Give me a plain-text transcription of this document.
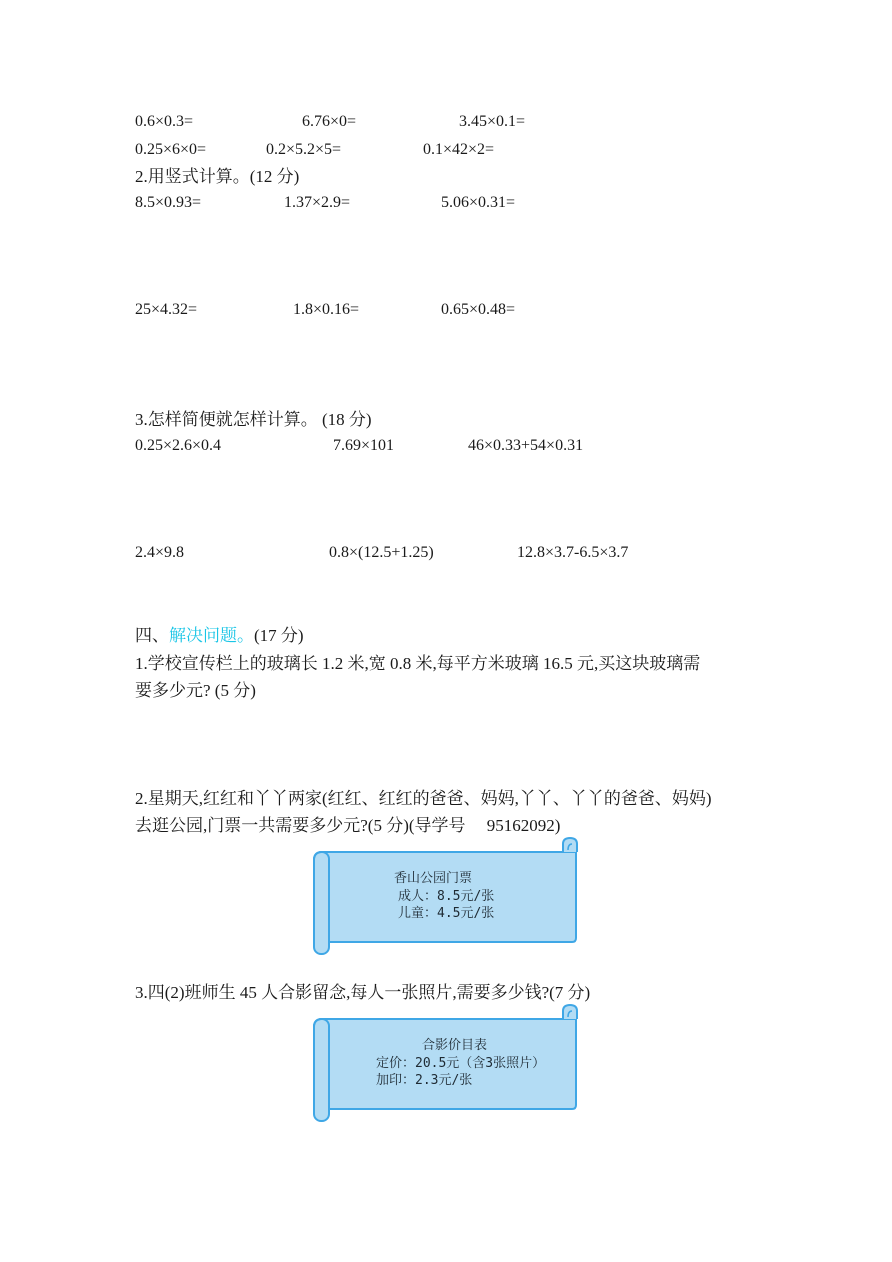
0.6×0.3=	6.76×0=	3.45×0.1=
0.25×6×0=	0.2×5.2×5=	0.1×42×2=
2.用竖式计算。(12 分)
8.5×0.93=	1.37×2.9=	5.06×0.31=
25×4.32=	1.8×0.16=	0.65×0.48=
3.怎样简便就怎样计算。 (18 分)
0.25×2.6×0.4	7.69×101	46×0.33+54×0.31
2.4×9.8	0.8×(12.5+1.25)	12.8×3.7-6.5×3.7
四、解决问题。(17 分)
1.学校宣传栏上的玻璃长 1.2 米,宽 0.8 米,每平方米玻璃 16.5 元,买这块玻璃需
要多少元? (5 分)
2.星期天,红红和丫丫两家(红红、红红的爸爸、妈妈,丫丫、丫丫的爸爸、妈妈)
去逛公园,门票一共需要多少元?(5 分)(导学号　 95162092)
香山公园门票
成人：8.5元/张
儿童：4.5元/张
3.四(2)班师生 45 人合影留念,每人一张照片,需要多少钱?(7 分)
合影价目表
定价：20.5元（含3张照片）
加印：2.3元/张
